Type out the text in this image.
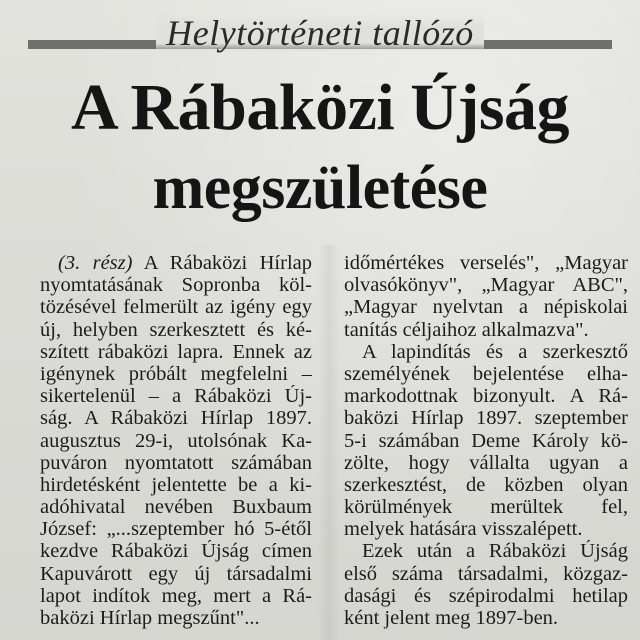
Helytörténeti tallózó
A Rábaközi Újság
megszületése
(3. rész) A Rábaközi Hírlap
nyomtatásának Sopronba köl-
tözésével felmerült az igény egy
új, helyben szerkesztett és ké-
szített rábaközi lapra. Ennek az
igénynek próbált megfelelni –
sikertelenül – a Rábaközi Új-
ság. A Rábaközi Hírlap 1897.
augusztus 29-i, utolsónak Ka-
puváron nyomtatott számában
hirdetésként jelentette be a ki-
adóhivatal nevében Buxbaum
József: „...szeptember hó 5-étől
kezdve Rábaközi Újság címen
Kapuvárott egy új társadalmi
lapot indítok meg, mert a Rá-
baközi Hírlap megszűnt"...
időmértékes verselés", „Magyar
olvasókönyv", „Magyar ABC",
„Magyar nyelvtan a népiskolai
tanítás céljaihoz alkalmazva".
A lapindítás és a szerkesztő
személyének bejelentése elha-
markodottnak bizonyult. A Rá-
baközi Hírlap 1897. szeptember
5-i számában Deme Károly kö-
zölte, hogy vállalta ugyan a
szerkesztést, de közben olyan
körülmények merültek fel,
melyek hatására visszalépett.
Ezek után a Rábaközi Újság
első száma társadalmi, közgaz-
dasági és szépirodalmi hetilap
ként jelent meg 1897-ben.
